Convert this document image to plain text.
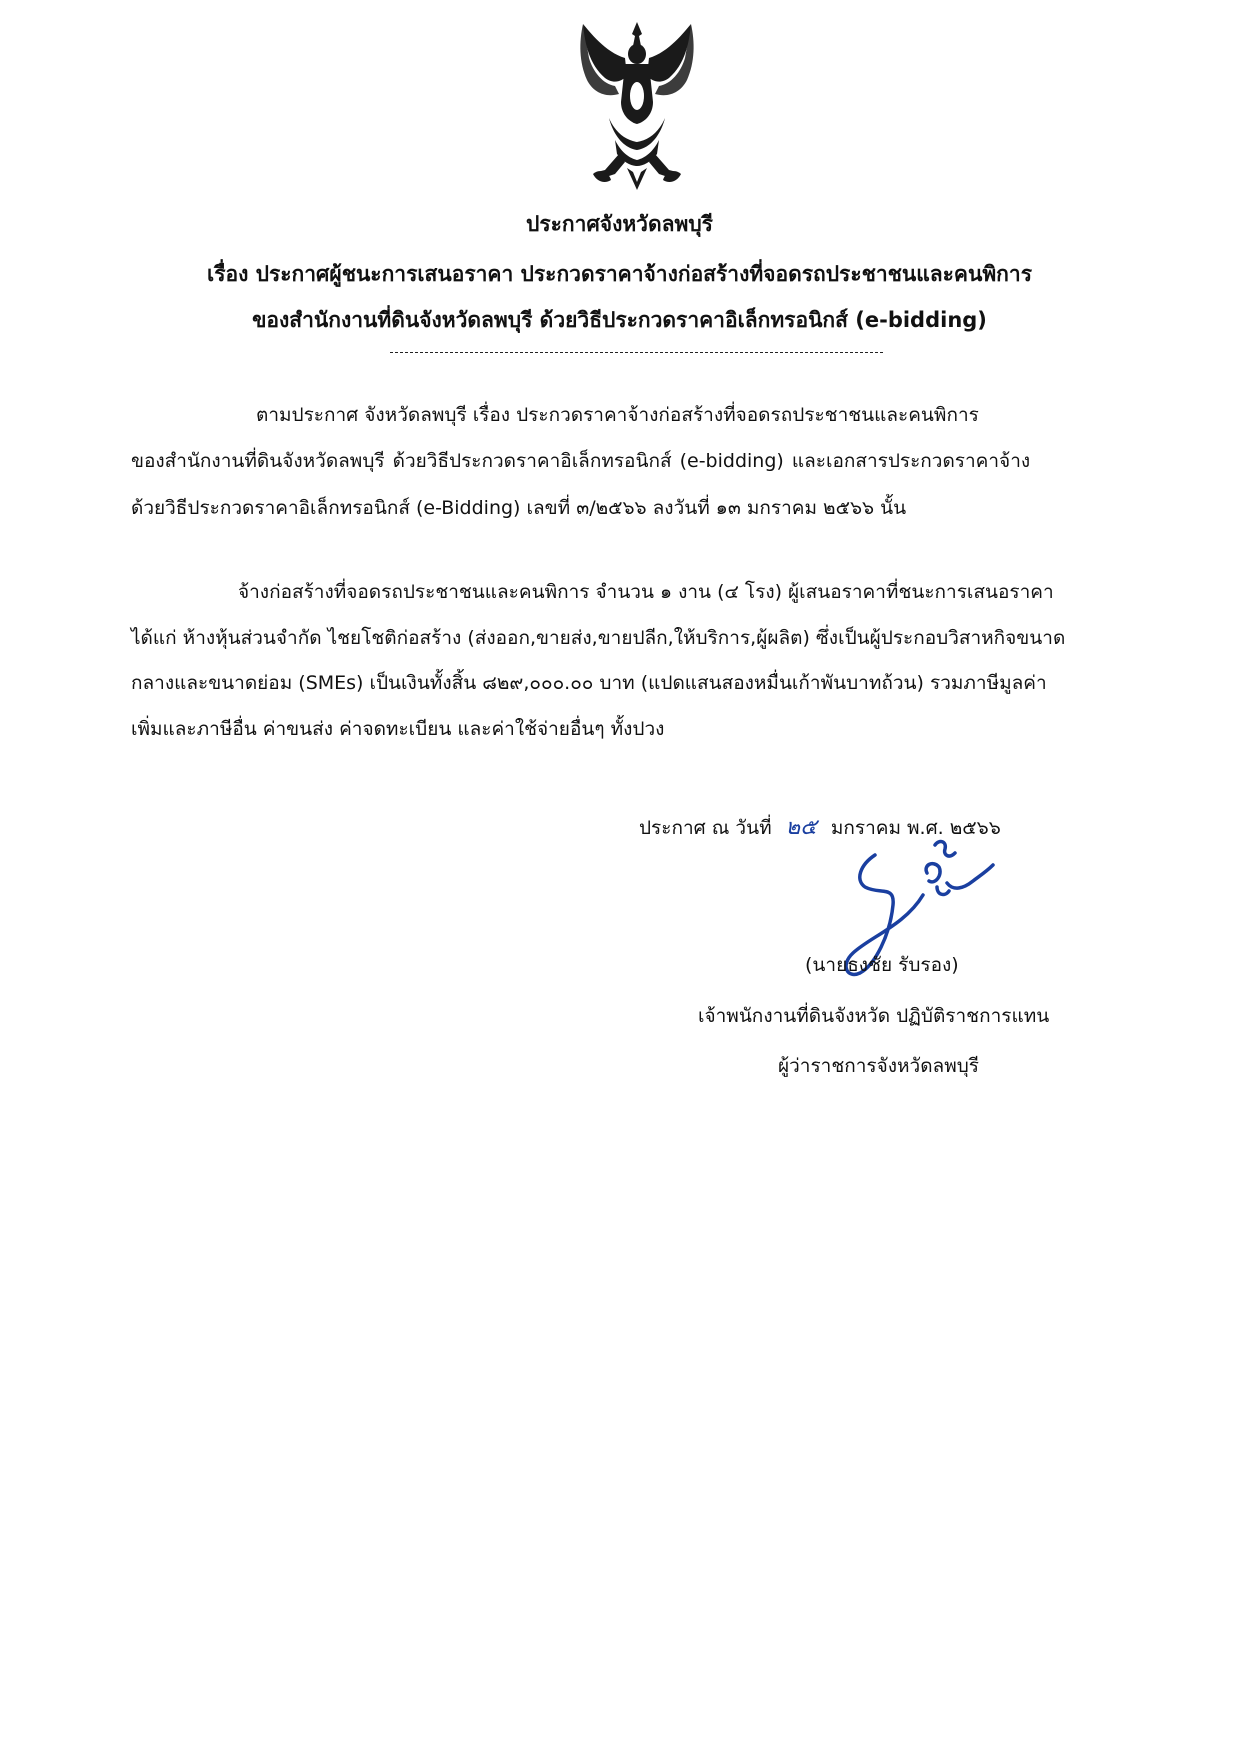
ประกาศจังหวัดลพบุรี
เรื่อง ประกาศผู้ชนะการเสนอราคา ประกวดราคาจ้างก่อสร้างที่จอดรถประชาชนและคนพิการ
ของสำนักงานที่ดินจังหวัดลพบุรี ด้วยวิธีประกวดราคาอิเล็กทรอนิกส์ (e-bidding)
ตามประกาศ จังหวัดลพบุรี เรื่อง ประกวดราคาจ้างก่อสร้างที่จอดรถประชาชนและคนพิการ
ของสำนักงานที่ดินจังหวัดลพบุรี ด้วยวิธีประกวดราคาอิเล็กทรอนิกส์ (e-bidding) และเอกสารประกวดราคาจ้าง
ด้วยวิธีประกวดราคาอิเล็กทรอนิกส์ (e-Bidding) เลขที่ ๓/๒๕๖๖ ลงวันที่ ๑๓ มกราคม ๒๕๖๖ นั้น
จ้างก่อสร้างที่จอดรถประชาชนและคนพิการ จำนวน ๑ งาน (๔ โรง) ผู้เสนอราคาที่ชนะการเสนอราคา
ได้แก่ ห้างหุ้นส่วนจำกัด ไชยโชติก่อสร้าง (ส่งออก,ขายส่ง,ขายปลีก,ให้บริการ,ผู้ผลิต) ซึ่งเป็นผู้ประกอบวิสาหกิจขนาด
กลางและขนาดย่อม (SMEs) เป็นเงินทั้งสิ้น ๘๒๙,๐๐๐.๐๐ บาท (แปดแสนสองหมื่นเก้าพันบาทถ้วน) รวมภาษีมูลค่า
เพิ่มและภาษีอื่น ค่าขนส่ง ค่าจดทะเบียน และค่าใช้จ่ายอื่นๆ ทั้งปวง
ประกาศ ณ วันที่ ๒๕ มกราคม พ.ศ. ๒๕๖๖
(นายธงชัย รับรอง)
เจ้าพนักงานที่ดินจังหวัด ปฏิบัติราชการแทน
ผู้ว่าราชการจังหวัดลพบุรี
